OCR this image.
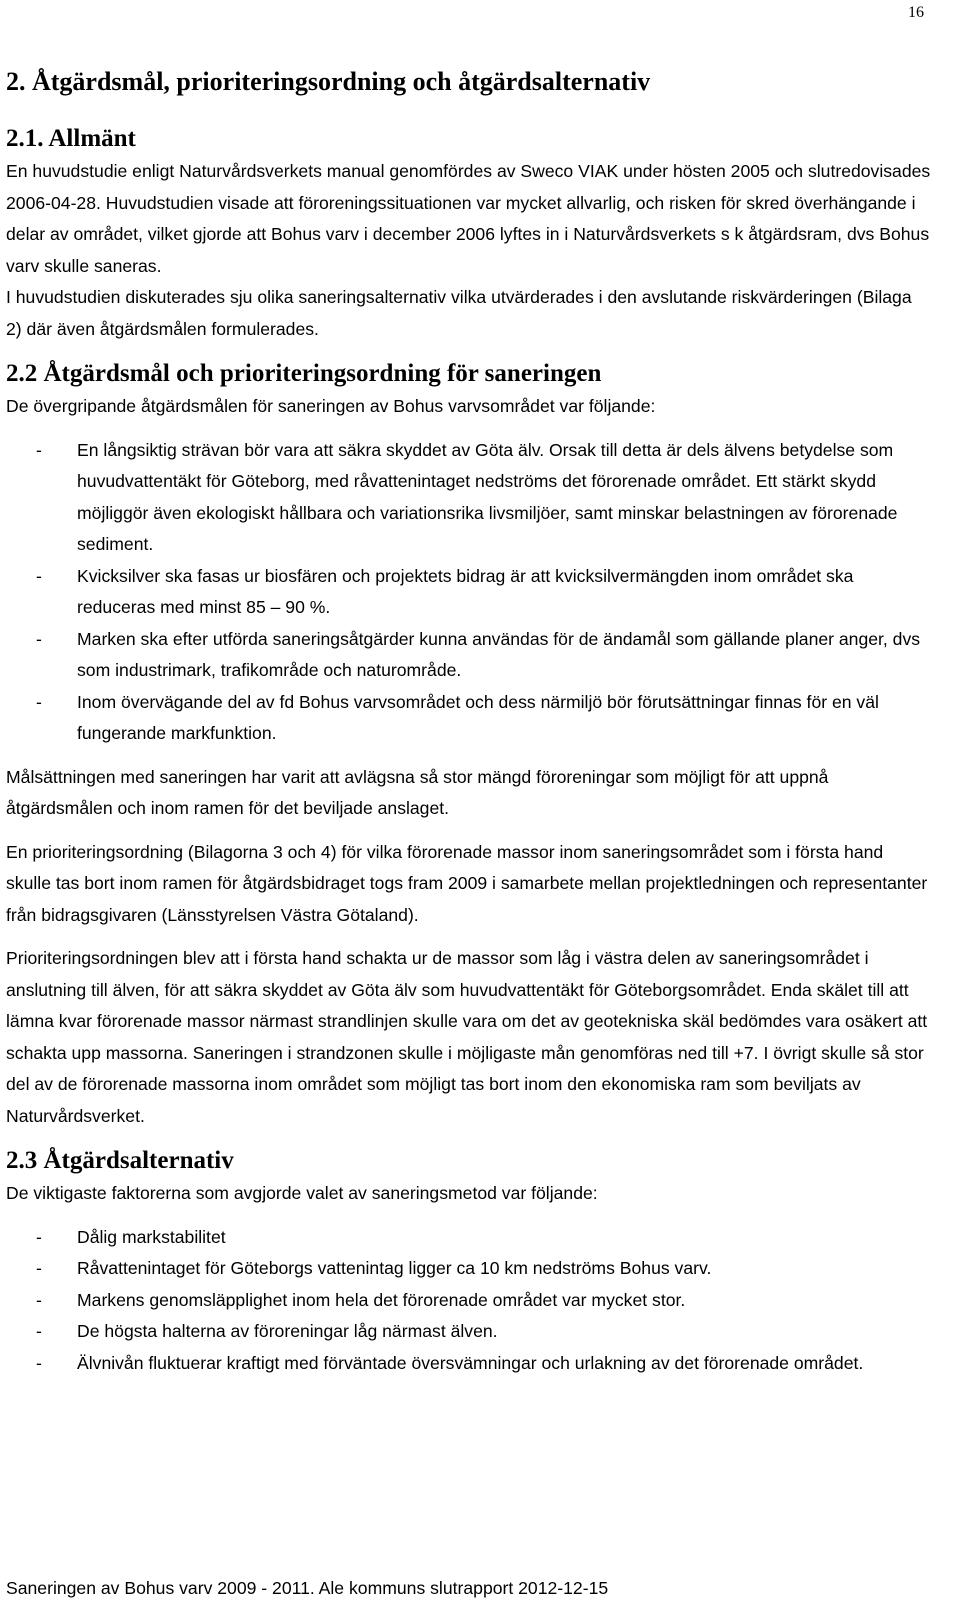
16
2. Åtgärdsmål, prioriteringsordning och åtgärdsalternativ
2.1. Allmänt

En huvudstudie enligt Naturvårdsverkets manual genomfördes av Sweco VIAK under hösten 2005 och slutredovisades 2006-04-28. Huvudstudien visade att föroreningssituationen var mycket allvarlig, och risken för skred överhängande i delar av området, vilket gjorde att Bohus varv i december 2006 lyftes in i Naturvårdsverkets s k åtgärdsram, dvs Bohus varv skulle saneras.

I huvudstudien diskuterades sju olika saneringsalternativ vilka utvärderades i den avslutande riskvärderingen (Bilaga 2) där även åtgärdsmålen formulerades.

2.2 Åtgärdsmål och prioriteringsordning för saneringen

De övergripande åtgärdsmålen för saneringen av Bohus varvsområdet var följande:

- En långsiktig strävan bör vara att säkra skyddet av Göta älv. Orsak till detta är dels älvens betydelse som huvudvattentäkt för Göteborg, med råvattenintaget nedströms det förorenade området. Ett stärkt skydd möjliggör även ekologiskt hållbara och variationsrika livsmiljöer, samt minskar belastningen av förorenade sediment.
- Kvicksilver ska fasas ur biosfären och projektets bidrag är att kvicksilvermängden inom området ska reduceras med minst 85 – 90 %.
- Marken ska efter utförda saneringsåtgärder kunna användas för de ändamål som gällande planer anger, dvs som industrimark, trafikområde och naturområde.
- Inom övervägande del av fd Bohus varvsområdet och dess närmiljö bör förutsättningar finnas för en väl fungerande markfunktion.

Målsättningen med saneringen har varit att avlägsna så stor mängd föroreningar som möjligt för att uppnå åtgärdsmålen och inom ramen för det beviljade anslaget.

En prioriteringsordning (Bilagorna 3 och 4) för vilka förorenade massor inom saneringsområdet som i första hand skulle tas bort inom ramen för åtgärdsbidraget togs fram 2009 i samarbete mellan projektledningen och representanter från bidragsgivaren (Länsstyrelsen Västra Götaland).

Prioriteringsordningen blev att i första hand schakta ur de massor som låg i västra delen av saneringsområdet i anslutning till älven, för att säkra skyddet av Göta älv som huvudvattentäkt för Göteborgsområdet. Enda skälet till att lämna kvar förorenade massor närmast strandlinjen skulle vara om det av geotekniska skäl bedömdes vara osäkert att schakta upp massorna. Saneringen i strandzonen skulle i möjligaste mån genomföras ned till +7. I övrigt skulle så stor del av de förorenade massorna inom området som möjligt tas bort inom den ekonomiska ram som beviljats av Naturvårdsverket.

2.3 Åtgärdsalternativ

De viktigaste faktorerna som avgjorde valet av saneringsmetod var följande:

- Dålig markstabilitet
- Råvattenintaget för Göteborgs vattenintag ligger ca 10 km nedströms Bohus varv.
- Markens genomsläpplighet inom hela det förorenade området var mycket stor.
- De högsta halterna av föroreningar låg närmast älven.
- Älvnivån fluktuerar kraftigt med förväntade översvämningar och urlakning av det förorenade området.
Saneringen av Bohus varv 2009 - 2011. Ale kommuns slutrapport 2012-12-15
